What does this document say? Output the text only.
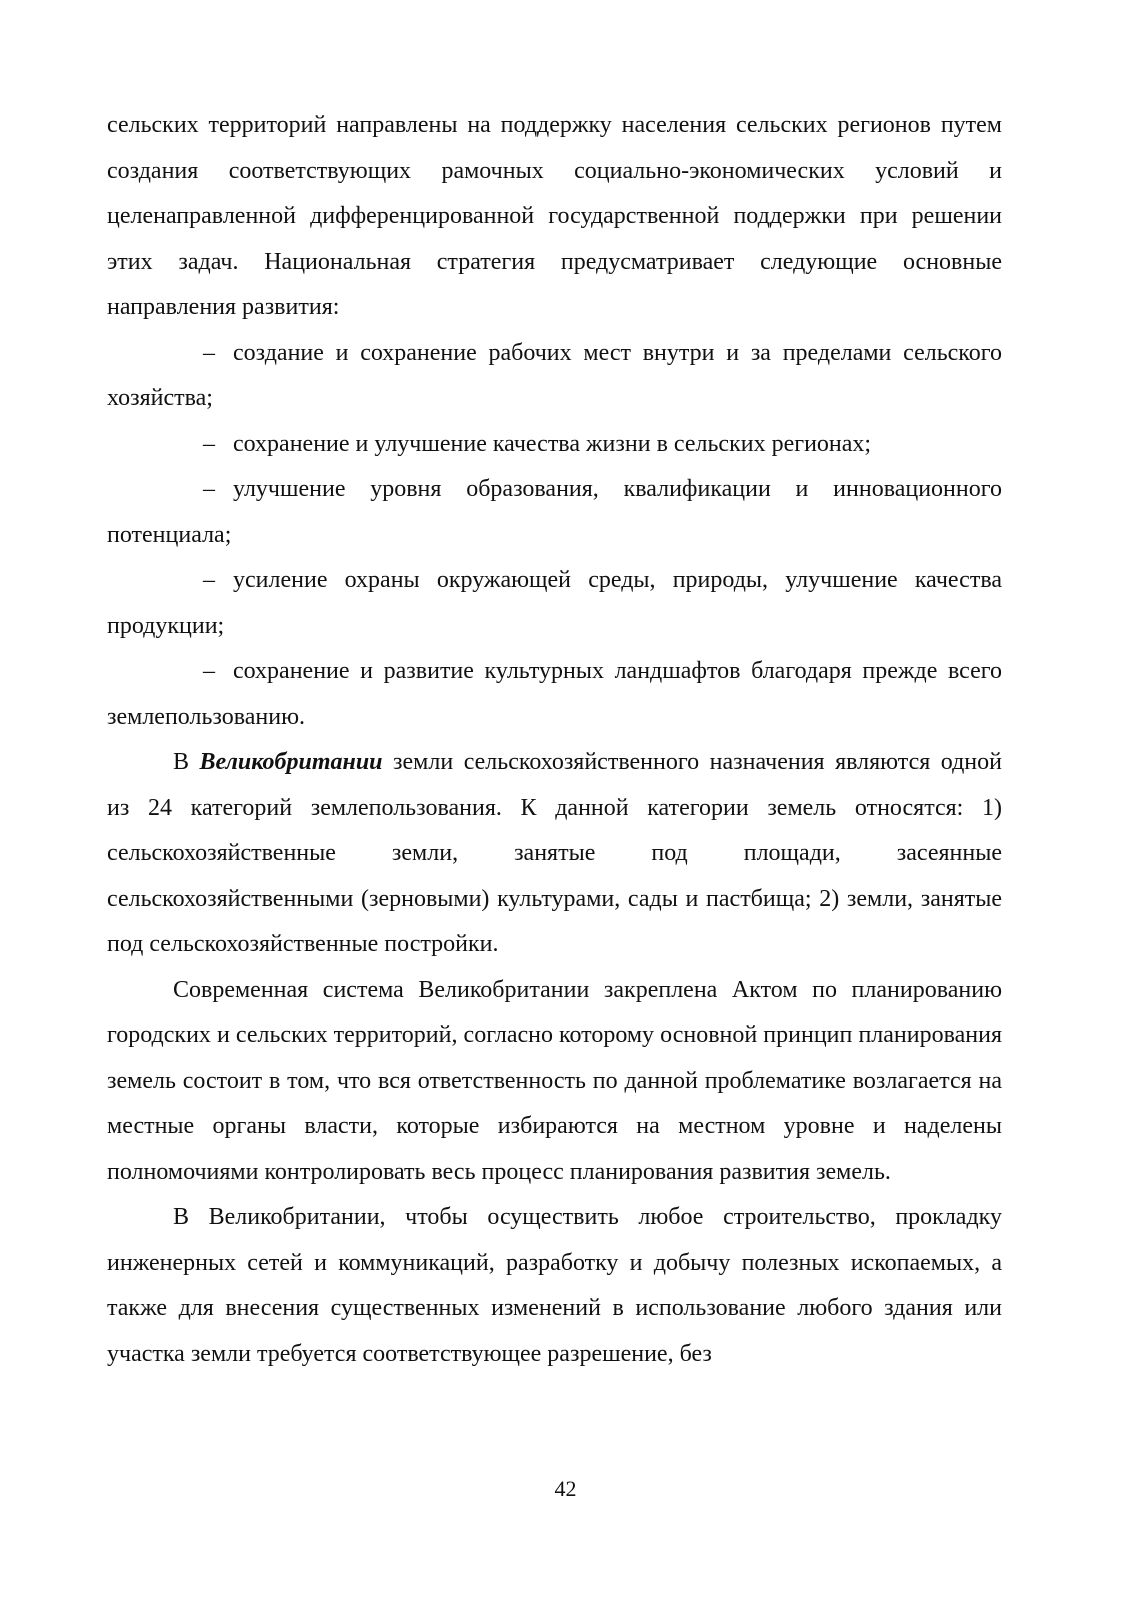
сельских территорий направлены на поддержку населения сельских регионов путем создания соответствующих рамочных социально-экономических условий и целенаправленной дифференцированной государственной поддержки при решении этих задач. Национальная стратегия предусматривает следующие основные направления развития:

– создание и сохранение рабочих мест внутри и за пределами сельского хозяйства;

– сохранение и улучшение качества жизни в сельских регионах;

– улучшение уровня образования, квалификации и инновационного потенциала;

– усиление охраны окружающей среды, природы, улучшение качества продукции;

– сохранение и развитие культурных ландшафтов благодаря прежде всего землепользованию.

В Великобритании земли сельскохозяйственного назначения являются одной из 24 категорий землепользования. К данной категории земель относятся: 1) сельскохозяйственные земли, занятые под площади, засеянные сельскохозяйственными (зерновыми) культурами, сады и пастбища; 2) земли, занятые под сельскохозяйственные постройки.

Современная система Великобритании закреплена Актом по планированию городских и сельских территорий, согласно которому основной принцип планирования земель состоит в том, что вся ответственность по данной проблематике возлагается на местные органы власти, которые избираются на местном уровне и наделены полномочиями контролировать весь процесс планирования развития земель.

В Великобритании, чтобы осуществить любое строительство, прокладку инженерных сетей и коммуникаций, разработку и добычу полезных ископаемых, а также для внесения существенных изменений в использование любого здания или участка земли требуется соответствующее разрешение, без

42
